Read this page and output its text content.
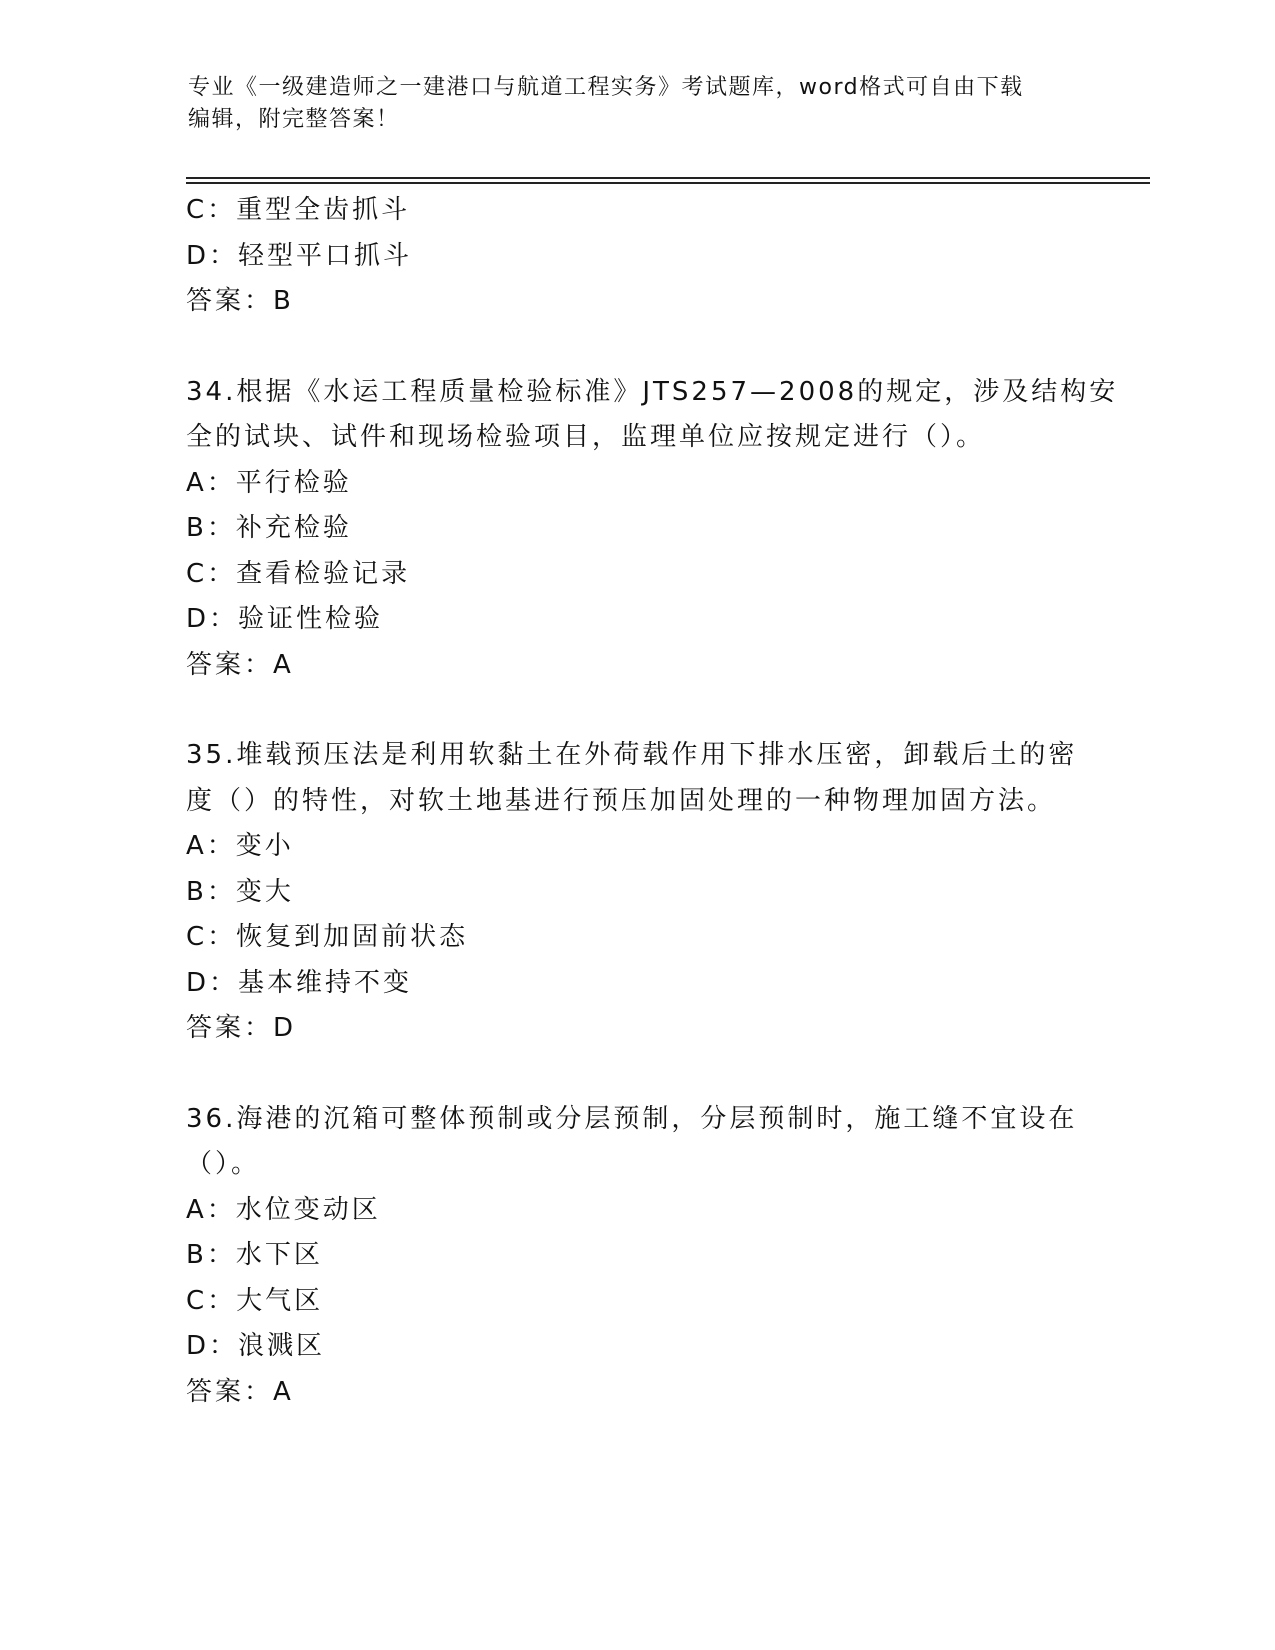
专业《一级建造师之一建港口与航道工程实务》考试题库，word格式可自由下载
编辑，附完整答案！
C：重型全齿抓斗
D：轻型平口抓斗
答案：B
34.根据《水运工程质量检验标准》JTS257—2008的规定，涉及结构安
全的试块、试件和现场检验项目，监理单位应按规定进行（）。
A：平行检验
B：补充检验
C：查看检验记录
D：验证性检验
答案：A
35.堆载预压法是利用软黏土在外荷载作用下排水压密，卸载后土的密
度（）的特性，对软土地基进行预压加固处理的一种物理加固方法。
A：变小
B：变大
C：恢复到加固前状态
D：基本维持不变
答案：D
36.海港的沉箱可整体预制或分层预制，分层预制时，施工缝不宜设在
（）。
A：水位变动区
B：水下区
C：大气区
D：浪溅区
答案：A
